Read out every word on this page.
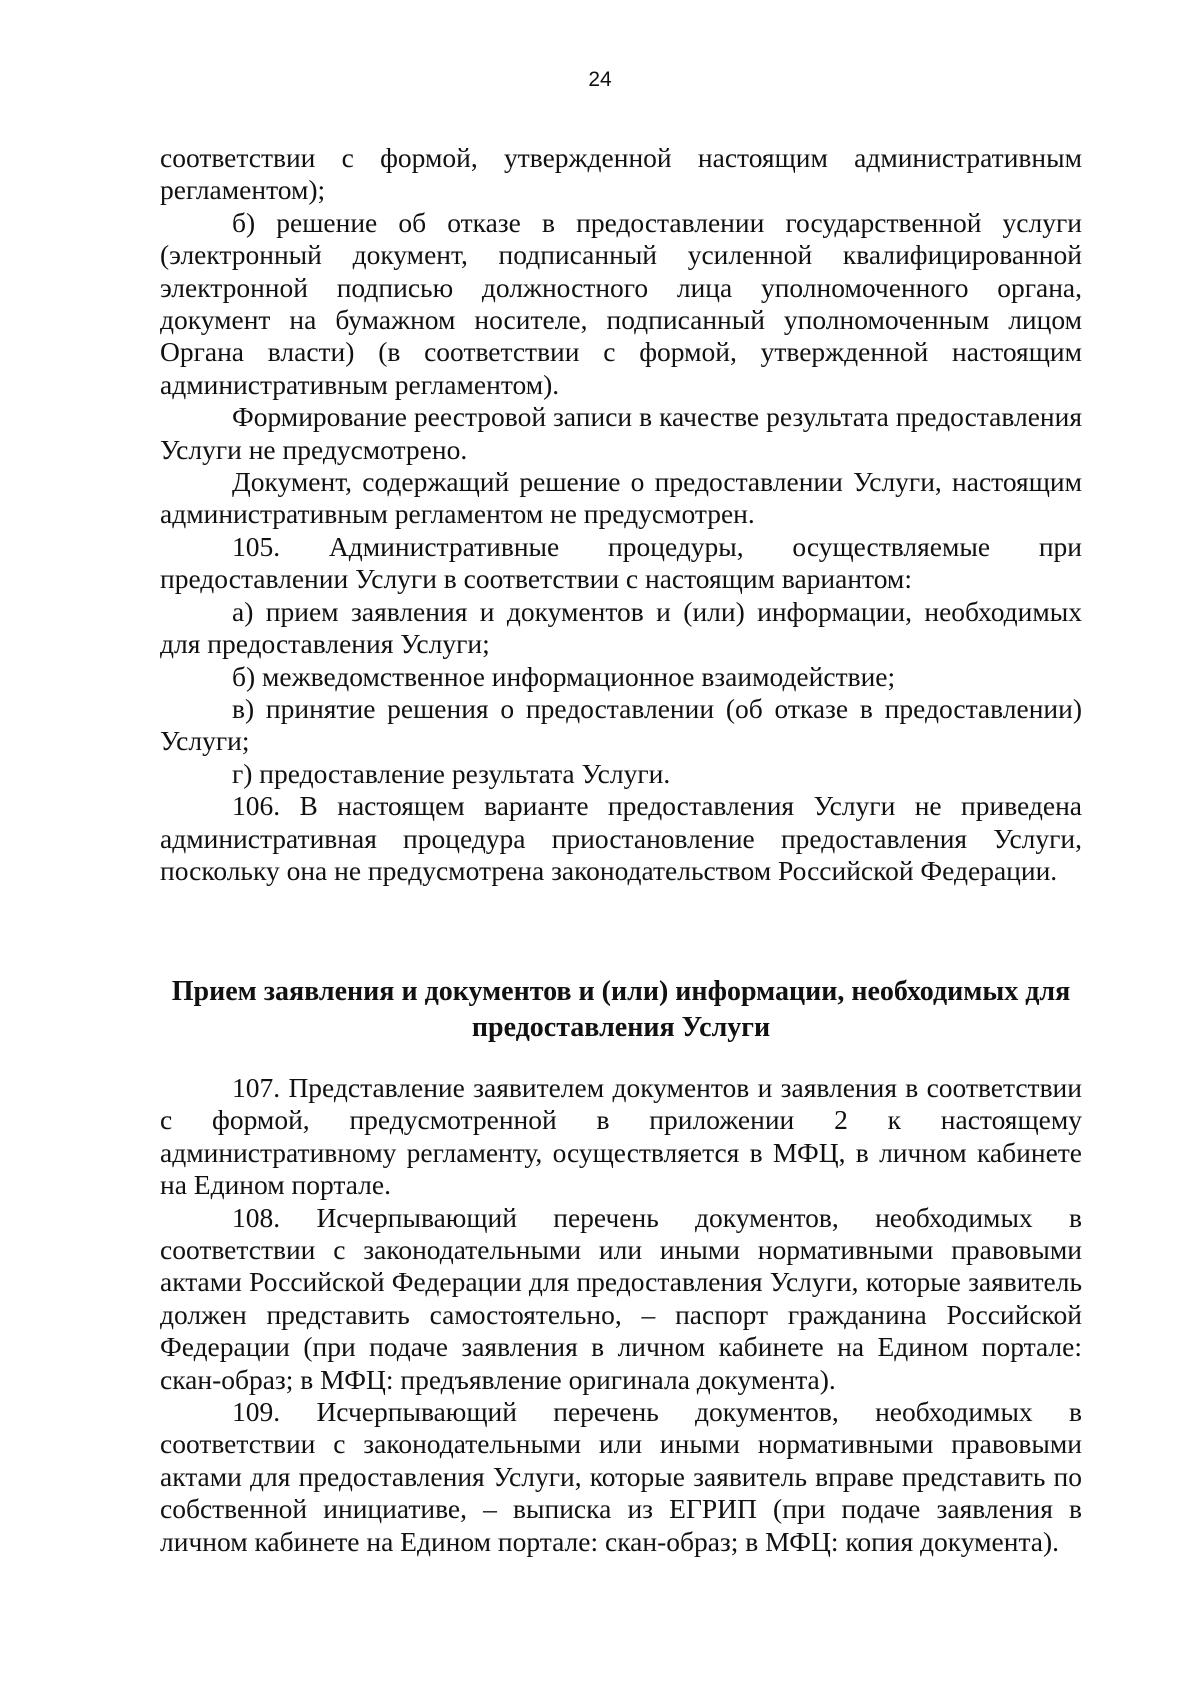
24

соответствии с формой, утвержденной настоящим административным регламентом);

б) решение об отказе в предоставлении государственной услуги (электронный документ, подписанный усиленной квалифицированной электронной подписью должностного лица уполномоченного органа, документ на бумажном носителе, подписанный уполномоченным лицом Органа власти) (в соответствии с формой, утвержденной настоящим административным регламентом).

Формирование реестровой записи в качестве результата предоставления Услуги не предусмотрено.

Документ, содержащий решение о предоставлении Услуги, настоящим административным регламентом не предусмотрен.

105. Административные процедуры, осуществляемые при предоставлении Услуги в соответствии с настоящим вариантом:

а) прием заявления и документов и (или) информации, необходимых для предоставления Услуги;

б) межведомственное информационное взаимодействие;

в) принятие решения о предоставлении (об отказе в предоставлении) Услуги;

г) предоставление результата Услуги.

106. В настоящем варианте предоставления Услуги не приведена административная процедура приостановление предоставления Услуги, поскольку она не предусмотрена законодательством Российской Федерации.

Прием заявления и документов и (или) информации, необходимых для
предоставления Услуги

107. Представление заявителем документов и заявления в соответствии с формой, предусмотренной в приложении 2 к настоящему административному регламенту, осуществляется в МФЦ, в личном кабинете на Едином портале.

108. Исчерпывающий перечень документов, необходимых в соответствии с законодательными или иными нормативными правовыми актами Российской Федерации для предоставления Услуги, которые заявитель должен представить самостоятельно, – паспорт гражданина Российской Федерации (при подаче заявления в личном кабинете на Едином портале: скан-образ; в МФЦ: предъявление оригинала документа).

109. Исчерпывающий перечень документов, необходимых в соответствии с законодательными или иными нормативными правовыми актами для предоставления Услуги, которые заявитель вправе представить по собственной инициативе, – выписка из ЕГРИП (при подаче заявления в личном кабинете на Едином портале: скан-образ; в МФЦ: копия документа).
